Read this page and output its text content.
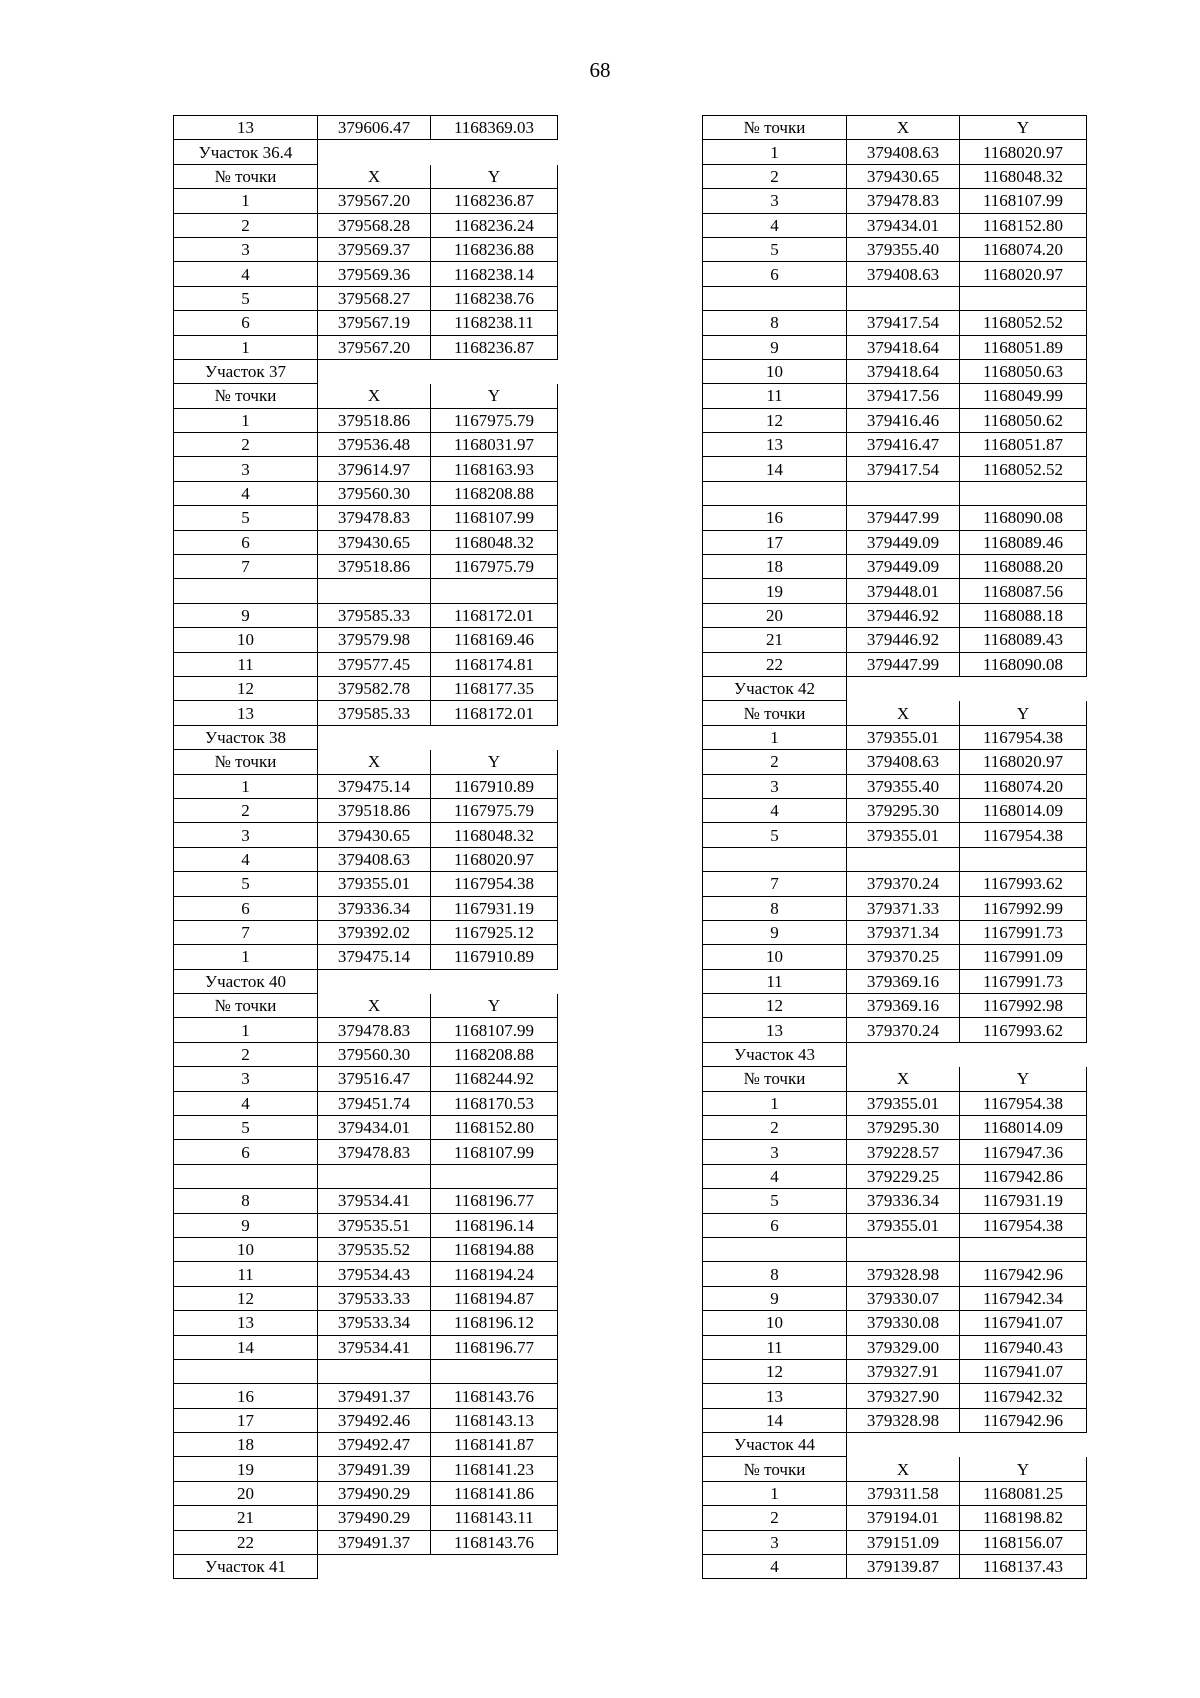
68
13	379606.47	1168369.03
Участок 36.4		
№ точки	X	Y
1	379567.20	1168236.87
2	379568.28	1168236.24
3	379569.37	1168236.88
4	379569.36	1168238.14
5	379568.27	1168238.76
6	379567.19	1168238.11
1	379567.20	1168236.87
Участок 37		
№ точки	X	Y
1	379518.86	1167975.79
2	379536.48	1168031.97
3	379614.97	1168163.93
4	379560.30	1168208.88
5	379478.83	1168107.99
6	379430.65	1168048.32
7	379518.86	1167975.79

9	379585.33	1168172.01
10	379579.98	1168169.46
11	379577.45	1168174.81
12	379582.78	1168177.35
13	379585.33	1168172.01
Участок 38		
№ точки	X	Y
1	379475.14	1167910.89
2	379518.86	1167975.79
3	379430.65	1168048.32
4	379408.63	1168020.97
5	379355.01	1167954.38
6	379336.34	1167931.19
7	379392.02	1167925.12
1	379475.14	1167910.89
Участок 40		
№ точки	X	Y
1	379478.83	1168107.99
2	379560.30	1168208.88
3	379516.47	1168244.92
4	379451.74	1168170.53
5	379434.01	1168152.80
6	379478.83	1168107.99

8	379534.41	1168196.77
9	379535.51	1168196.14
10	379535.52	1168194.88
11	379534.43	1168194.24
12	379533.33	1168194.87
13	379533.34	1168196.12
14	379534.41	1168196.77

16	379491.37	1168143.76
17	379492.46	1168143.13
18	379492.47	1168141.87
19	379491.39	1168141.23
20	379490.29	1168141.86
21	379490.29	1168143.11
22	379491.37	1168143.76
Участок 41		
№ точки	X	Y
1	379408.63	1168020.97
2	379430.65	1168048.32
3	379478.83	1168107.99
4	379434.01	1168152.80
5	379355.40	1168074.20
6	379408.63	1168020.97

8	379417.54	1168052.52
9	379418.64	1168051.89
10	379418.64	1168050.63
11	379417.56	1168049.99
12	379416.46	1168050.62
13	379416.47	1168051.87
14	379417.54	1168052.52

16	379447.99	1168090.08
17	379449.09	1168089.46
18	379449.09	1168088.20
19	379448.01	1168087.56
20	379446.92	1168088.18
21	379446.92	1168089.43
22	379447.99	1168090.08
Участок 42		
№ точки	X	Y
1	379355.01	1167954.38
2	379408.63	1168020.97
3	379355.40	1168074.20
4	379295.30	1168014.09
5	379355.01	1167954.38

7	379370.24	1167993.62
8	379371.33	1167992.99
9	379371.34	1167991.73
10	379370.25	1167991.09
11	379369.16	1167991.73
12	379369.16	1167992.98
13	379370.24	1167993.62
Участок 43		
№ точки	X	Y
1	379355.01	1167954.38
2	379295.30	1168014.09
3	379228.57	1167947.36
4	379229.25	1167942.86
5	379336.34	1167931.19
6	379355.01	1167954.38

8	379328.98	1167942.96
9	379330.07	1167942.34
10	379330.08	1167941.07
11	379329.00	1167940.43
12	379327.91	1167941.07
13	379327.90	1167942.32
14	379328.98	1167942.96
Участок 44		
№ точки	X	Y
1	379311.58	1168081.25
2	379194.01	1168198.82
3	379151.09	1168156.07
4	379139.87	1168137.43
